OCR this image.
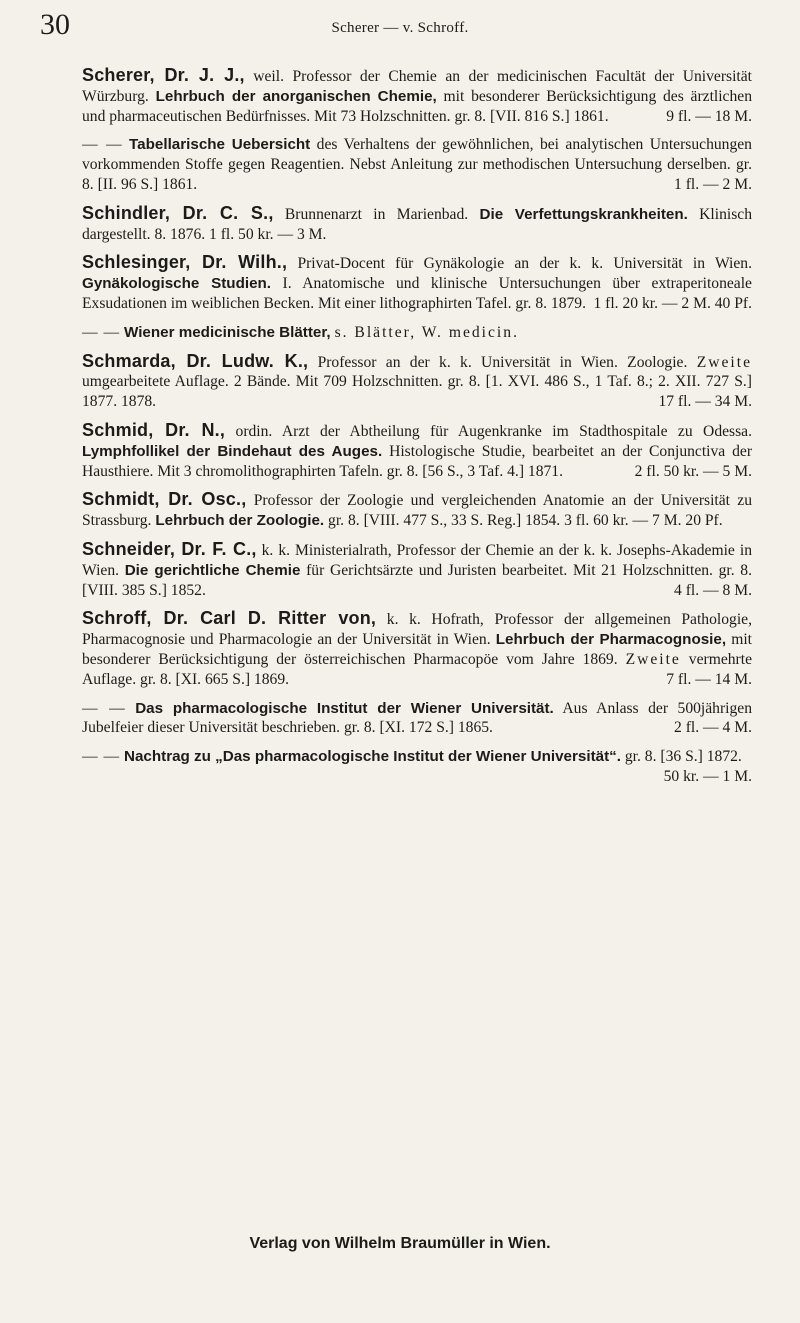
30	Scherer — v. Schroff.

Scherer, Dr. J. J., weil. Professor der Chemie an der medicinischen Facultät der Universität Würzburg. Lehrbuch der anorganischen Chemie, mit besonderer Berücksichtigung des ärztlichen und pharmaceutischen Bedürfnisses. Mit 73 Holzschnitten. gr. 8. [VII. 816 S.] 1861.	9 fl. — 18 M.

— — Tabellarische Uebersicht des Verhaltens der gewöhnlichen, bei analytischen Untersuchungen vorkommenden Stoffe gegen Reagentien. Nebst Anleitung zur methodischen Untersuchung derselben. gr. 8. [II. 96 S.] 1861.	1 fl. — 2 M.

Schindler, Dr. C. S., Brunnenarzt in Marienbad. Die Verfettungskrankheiten. Klinisch dargestellt. 8. 1876. 1 fl. 50 kr. — 3 M.

Schlesinger, Dr. Wilh., Privat-Docent für Gynäkologie an der k. k. Universität in Wien. Gynäkologische Studien. I. Anatomische und klinische Untersuchungen über extraperitoneale Exsudationen im weiblichen Becken. Mit einer lithographirten Tafel. gr. 8. 1879. 1 fl. 20 kr. — 2 M. 40 Pf.

— — Wiener medicinische Blätter, s. Blätter, W. medicin.

Schmarda, Dr. Ludw. K., Professor an der k. k. Universität in Wien. Zoologie. Zweite umgearbeitete Auflage. 2 Bände. Mit 709 Holzschnitten. gr. 8. [1. XVI. 486 S., 1 Taf. 8.; 2. XII. 727 S.] 1877. 1878.	17 fl. — 34 M.

Schmid, Dr. N., ordin. Arzt der Abtheilung für Augenkranke im Stadthospitale zu Odessa. Lymphfollikel der Bindehaut des Auges. Histologische Studie, bearbeitet an der Conjunctiva der Hausthiere. Mit 3 chromolithographirten Tafeln. gr. 8. [56 S., 3 Taf. 4.] 1871.	2 fl. 50 kr. — 5 M.

Schmidt, Dr. Osc., Professor der Zoologie und vergleichenden Anatomie an der Universität zu Strassburg. Lehrbuch der Zoologie. gr. 8. [VIII. 477 S., 33 S. Reg.] 1854. 3 fl. 60 kr. — 7 M. 20 Pf.

Schneider, Dr. F. C., k. k. Ministerialrath, Professor der Chemie an der k. k. Josephs-Akademie in Wien. Die gerichtliche Chemie für Gerichtsärzte und Juristen bearbeitet. Mit 21 Holzschnitten. gr. 8. [VIII. 385 S.] 1852.	4 fl. — 8 M.

Schroff, Dr. Carl D. Ritter von, k. k. Hofrath, Professor der allgemeinen Pathologie, Pharmacognosie und Pharmacologie an der Universität in Wien. Lehrbuch der Pharmacognosie, mit besonderer Berücksichtigung der österreichischen Pharmacopöe vom Jahre 1869. Zweite vermehrte Auflage. gr. 8. [XI. 665 S.] 1869.	7 fl. — 14 M.

— — Das pharmacologische Institut der Wiener Universität. Aus Anlass der 500jährigen Jubelfeier dieser Universität beschrieben. gr. 8. [XI. 172 S.] 1865.	2 fl. — 4 M.

— — Nachtrag zu „Das pharmacologische Institut der Wiener Universität“. gr. 8. [36 S.] 1872.
50 kr. — 1 M.

Verlag von Wilhelm Braumüller in Wien.
